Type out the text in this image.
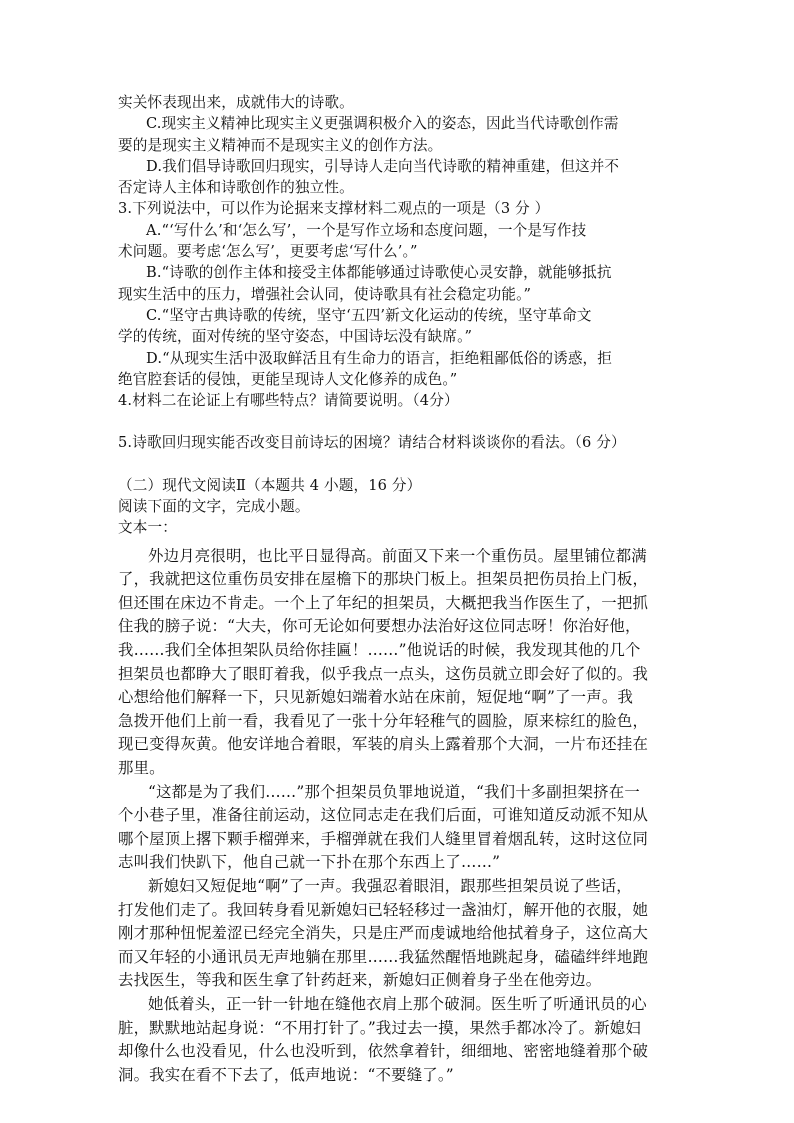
实关怀表现出来，成就伟大的诗歌。
C.现实主义精神比现实主义更强调积极介入的姿态，因此当代诗歌创作需
要的是现实主义精神而不是现实主义的创作方法。
D.我们倡导诗歌回归现实，引导诗人走向当代诗歌的精神重建，但这并不
否定诗人主体和诗歌创作的独立性。
3.下列说法中，可以作为论据来支撑材料二观点的一项是（3 分 ）
A.“‘写什么’和‘怎么写’，一个是写作立场和态度问题，一个是写作技
术问题。要考虑‘怎么写’，更要考虑‘写什么’。”
B.“诗歌的创作主体和接受主体都能够通过诗歌使心灵安静，就能够抵抗
现实生活中的压力，增强社会认同，使诗歌具有社会稳定功能。”
C.“坚守古典诗歌的传统，坚守‘五四’新文化运动的传统，坚守革命文
学的传统，面对传统的坚守姿态，中国诗坛没有缺席。”
D.“从现实生活中汲取鲜活且有生命力的语言，拒绝粗鄙低俗的诱惑，拒
绝官腔套话的侵蚀，更能呈现诗人文化修养的成色。”
4.材料二在论证上有哪些特点？请简要说明。（4分）
5.诗歌回归现实能否改变目前诗坛的困境？请结合材料谈谈你的看法。（6 分）
（二）现代文阅读Ⅱ（本题共 4 小题，16 分）
阅读下面的文字，完成小题。
文本一：
外边月亮很明，也比平日显得高。前面又下来一个重伤员。屋里铺位都满
了，我就把这位重伤员安排在屋檐下的那块门板上。担架员把伤员抬上门板，
但还围在床边不肯走。一个上了年纪的担架员，大概把我当作医生了，一把抓
住我的膀子说：“大夫，你可无论如何要想办法治好这位同志呀！你治好他，
我……我们全体担架队员给你挂匾！……”他说话的时候，我发现其他的几个
担架员也都睁大了眼盯着我，似乎我点一点头，这伤员就立即会好了似的。我
心想给他们解释一下，只见新媳妇端着水站在床前，短促地“啊”了一声。我
急拨开他们上前一看，我看见了一张十分年轻稚气的圆脸，原来棕红的脸色，
现已变得灰黄。他安详地合着眼，军装的肩头上露着那个大洞，一片布还挂在
那里。
“这都是为了我们……”那个担架员负罪地说道，“我们十多副担架挤在一
个小巷子里，准备往前运动，这位同志走在我们后面，可谁知道反动派不知从
哪个屋顶上撂下颗手榴弹来，手榴弹就在我们人缝里冒着烟乱转，这时这位同
志叫我们快趴下，他自己就一下扑在那个东西上了……”
新媳妇又短促地“啊”了一声。我强忍着眼泪，跟那些担架员说了些话，
打发他们走了。我回转身看见新媳妇已轻轻移过一盏油灯，解开他的衣服，她
刚才那种忸怩羞涩已经完全消失，只是庄严而虔诚地给他拭着身子，这位高大
而又年轻的小通讯员无声地躺在那里……我猛然醒悟地跳起身，磕磕绊绊地跑
去找医生，等我和医生拿了针药赶来，新媳妇正侧着身子坐在他旁边。
她低着头，正一针一针地在缝他衣肩上那个破洞。医生听了听通讯员的心
脏，默默地站起身说：“不用打针了。”我过去一摸，果然手都冰冷了。新媳妇
却像什么也没看见，什么也没听到，依然拿着针，细细地、密密地缝着那个破
洞。我实在看不下去了，低声地说：“不要缝了。”
